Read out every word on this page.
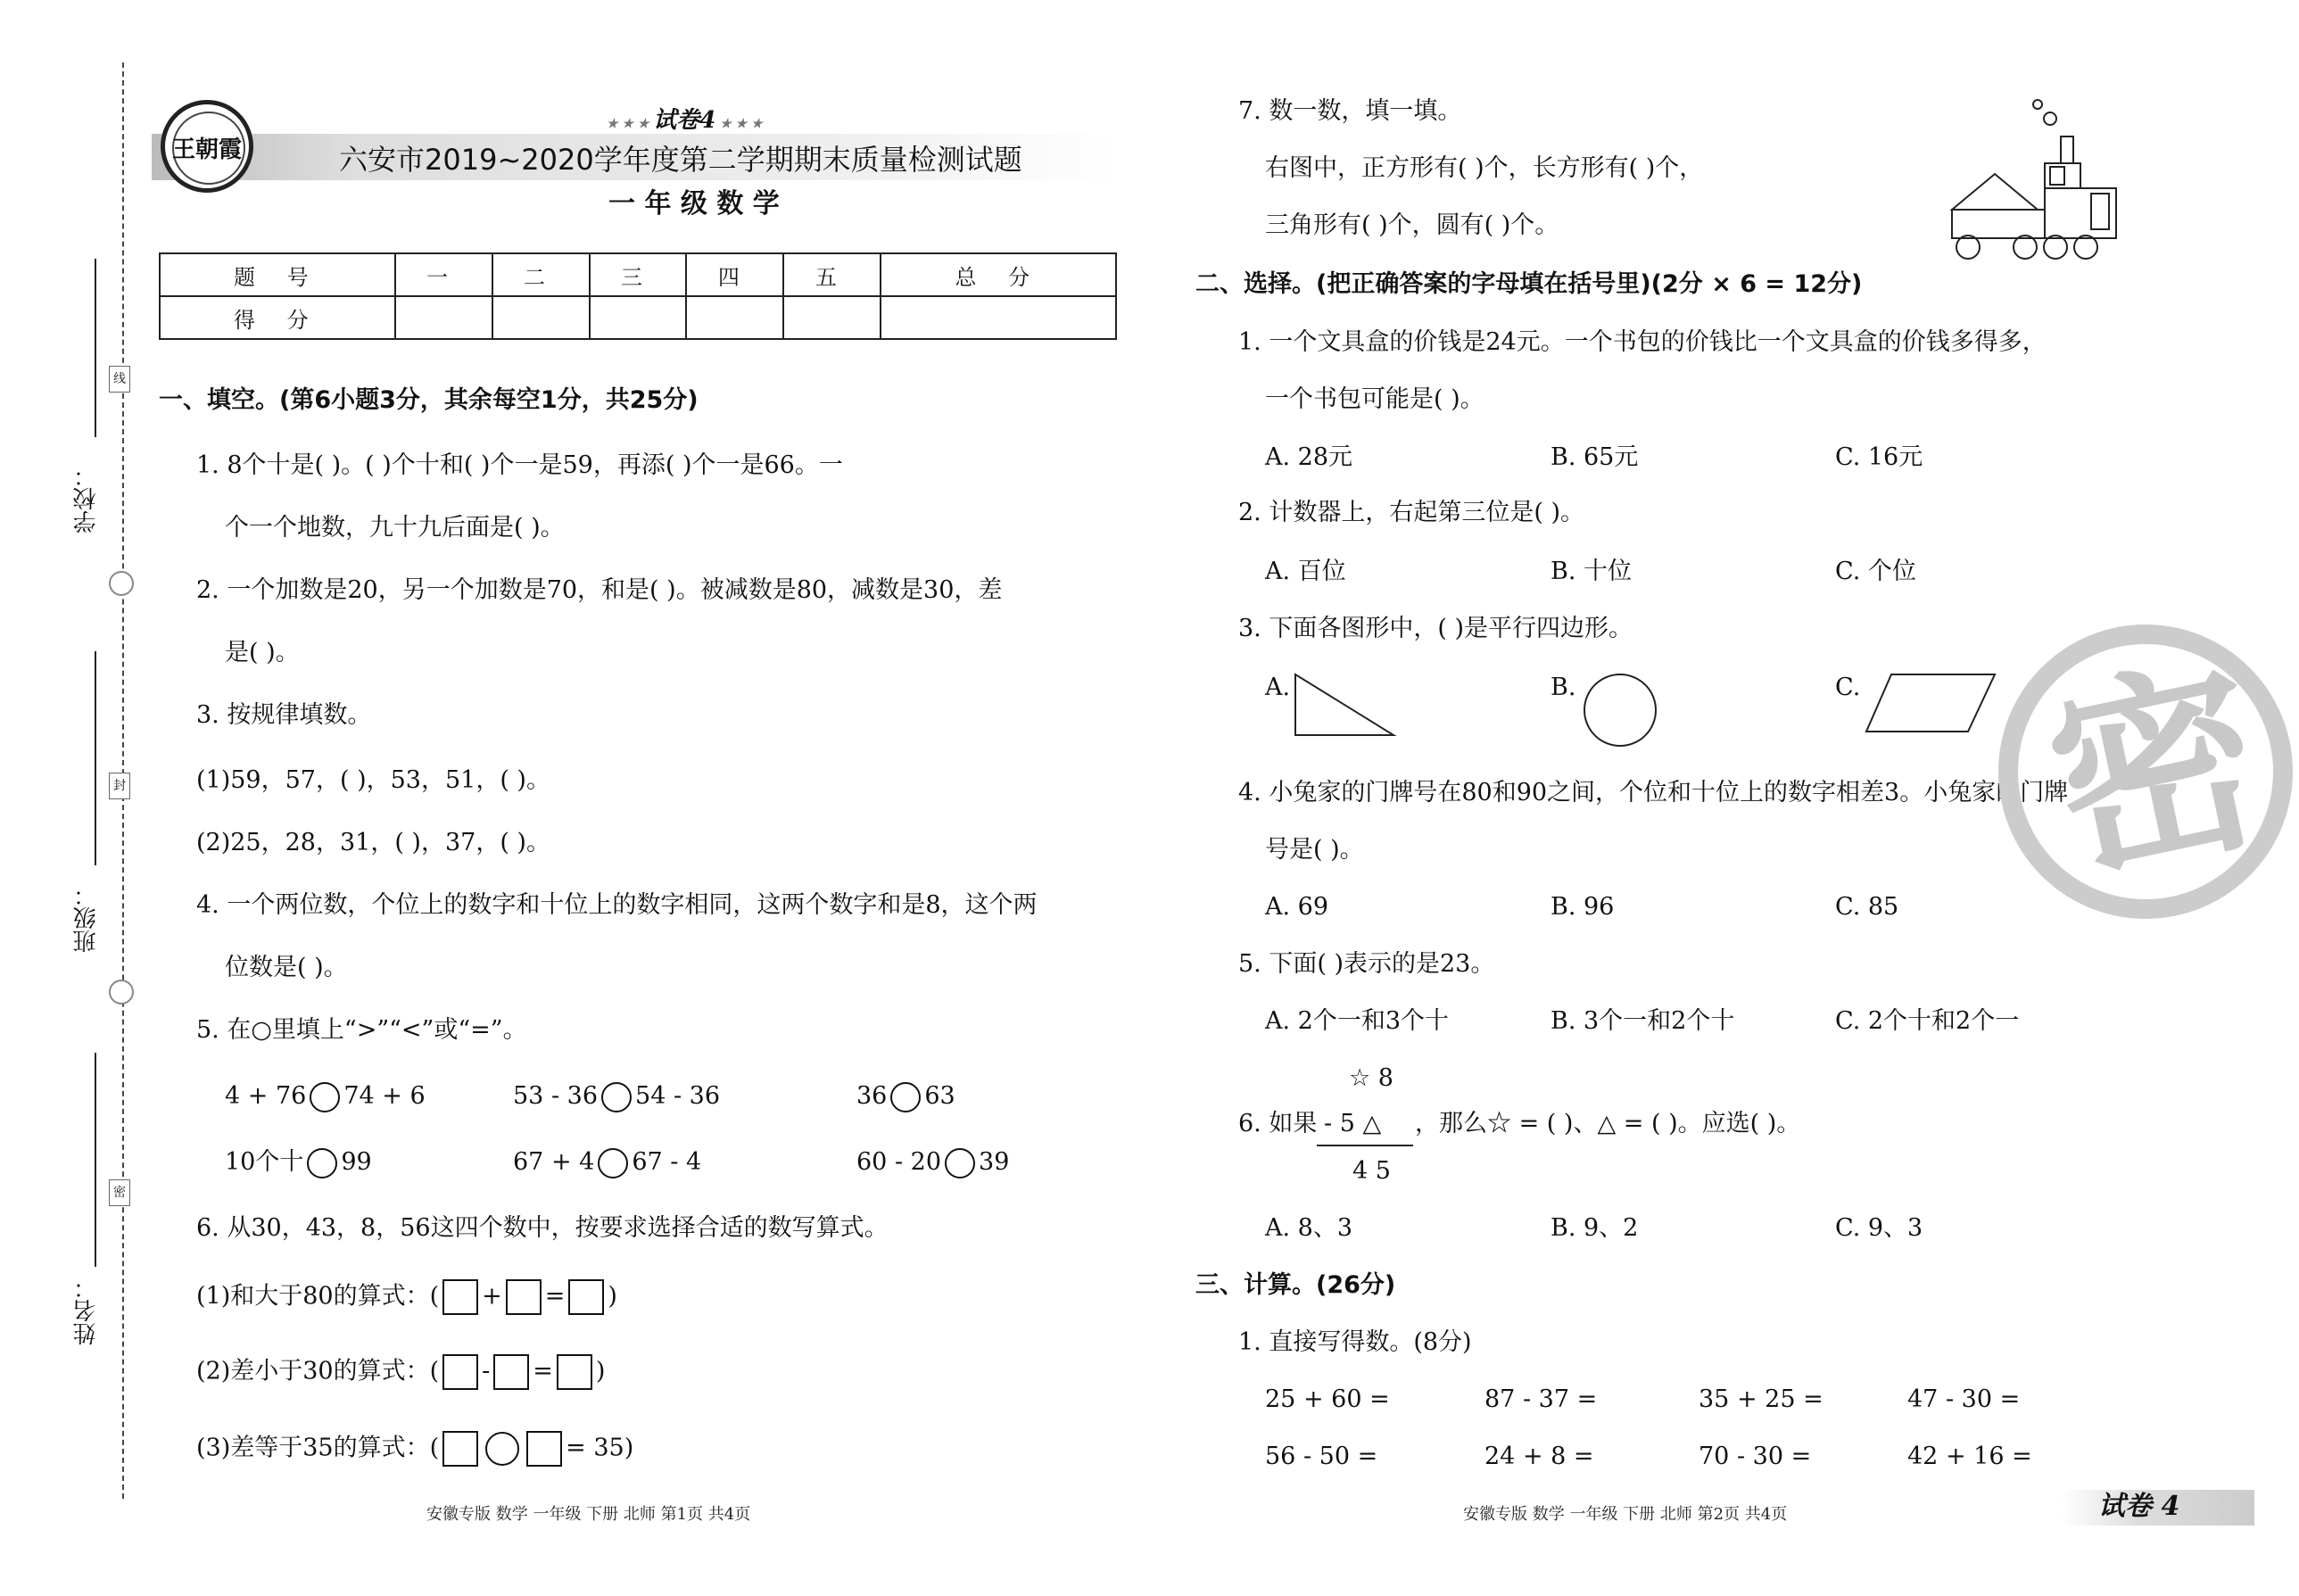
学校：
班级：
姓名：
线
封
密
王朝霞
★ ★ ★ 试卷4 ★ ★ ★
六安市2019~2020学年度第二学期期末质量检测试题
一 年 级 数 学
题 号	一	二	三	四	五	总 分
得 分						
一、填空。(第6小题3分，其余每空1分，共25分)
1. 8个十是( )。( )个十和( )个一是59，再添( )个一是66。一
个一个地数，九十九后面是( )。
2. 一个加数是20，另一个加数是70，和是( )。被减数是80，减数是30，差
是( )。
3. 按规律填数。
(1)59，57，( )，53，51，( )。
(2)25，28，31，( )，37，( )。
4. 一个两位数，个位上的数字和十位上的数字相同，这两个数字和是8，这个两
位数是( )。
5. 在○里填上“>”“<”或“=”。
4 + 76 74 + 6	53 - 36 54 - 36	36 63
10个十 99	67 + 4 67 - 4	60 - 20 39
6. 从30，43，8，56这四个数中，按要求选择合适的数写算式。
(1)和大于80的算式：( + = )
(2)差小于30的算式：( - = )
(3)差等于35的算式：(	= 35)
安徽专版 数学 一年级 下册 北师 第1页 共4页
7. 数一数，填一填。
右图中，正方形有( )个，长方形有( )个，
三角形有( )个，圆有( )个。
二、选择。(把正确答案的字母填在括号里)(2分 × 6 = 12分)
1. 一个文具盒的价钱是24元。一个书包的价钱比一个文具盒的价钱多得多，
一个书包可能是( )。
A. 28元	B. 65元	C. 16元
2. 计数器上，右起第三位是( )。
A. 百位	B. 十位	C. 个位
3. 下面各图形中，( )是平行四边形。
A.	B.	C.
4. 小兔家的门牌号在80和90之间，个位和十位上的数字相差3。小兔家的门牌
号是( )。
A. 69	B. 96	C. 85
5. 下面( )表示的是23。
A. 2个一和3个十	B. 3个一和2个十	C. 2个十和2个一
☆ 8
6. 如果 - 5 △ ，那么☆ = ( )、△ = ( )。应选( )。
4 5
A. 8、3	B. 9、2	C. 9、3
三、计算。(26分)
1. 直接写得数。(8分)
25 + 60 =	87 - 37 =	35 + 25 =	47 - 30 =
56 - 50 =	24 + 8 =	70 - 30 =	42 + 16 =
安徽专版 数学 一年级 下册 北师 第2页 共4页	试卷 4
密
